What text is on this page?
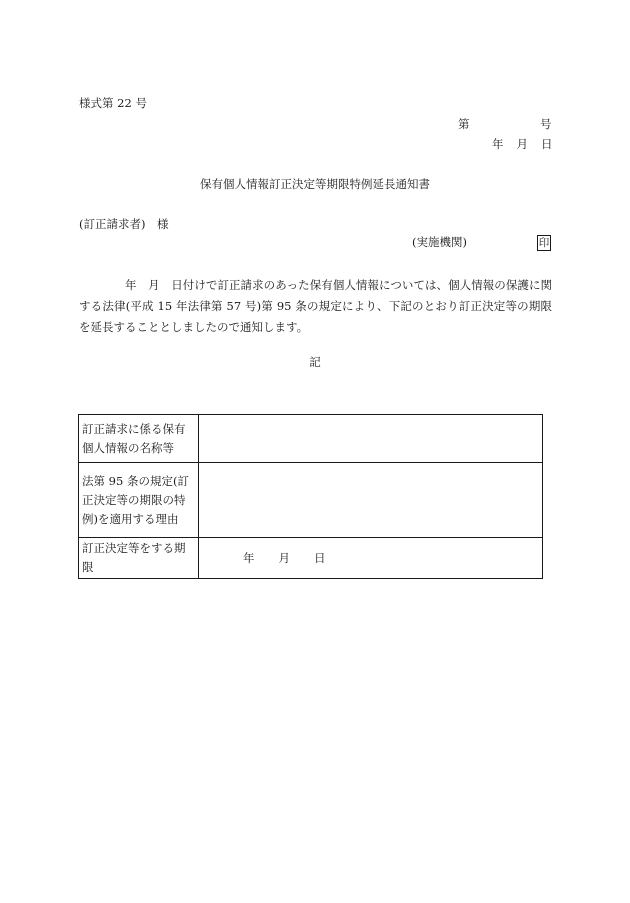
様式第 22 号
第	号
年 月 日
保有個人情報訂正決定等期限特例延長通知書
(訂正請求者)　様
(実施機関)	印
年　月　日付けで訂正請求のあった保有個人情報については、個人情報の保護に関する法律(平成 15 年法律第 57 号)第 95 条の規定により、下記のとおり訂正決定等の期限を延長することとしましたので通知します。
記
訂正請求に係る保有個人情報の名称等	
法第 95 条の規定(訂正決定等の期限の特例)を適用する理由	
訂正決定等をする期限	年 月 日
